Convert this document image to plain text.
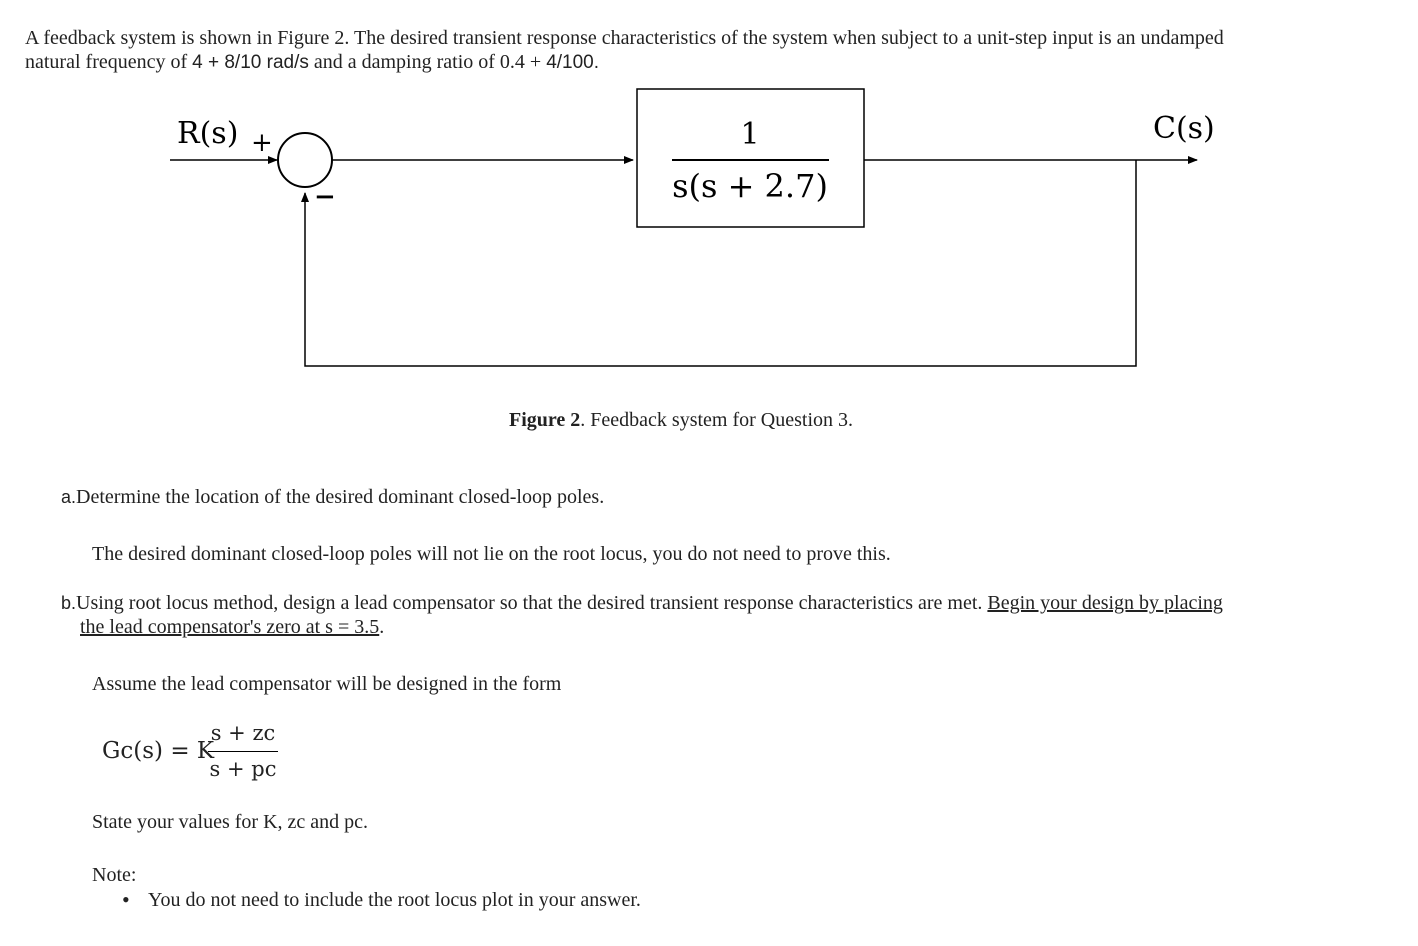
A feedback system is shown in Figure 2. The desired transient response characteristics of the system when subject to a unit-step input is an undamped
natural frequency of 4 + 8/10 rad/s and a damping ratio of 0.4 + 4/100.
R(s) +
−
1
s(s + 2.7)
C(s)
Figure 2. Feedback system for Question 3.
a.Determine the location of the desired dominant closed-loop poles.
The desired dominant closed-loop poles will not lie on the root locus, you do not need to prove this.
b.Using root locus method, design a lead compensator so that the desired transient response characteristics are met. Begin your design by placing
the lead compensator's zero at s = 3.5.
Assume the lead compensator will be designed in the form
Gc(s) = K
s + zc
s + pc
State your values for K, zc and pc.
Note:
• You do not need to include the root locus plot in your answer.
